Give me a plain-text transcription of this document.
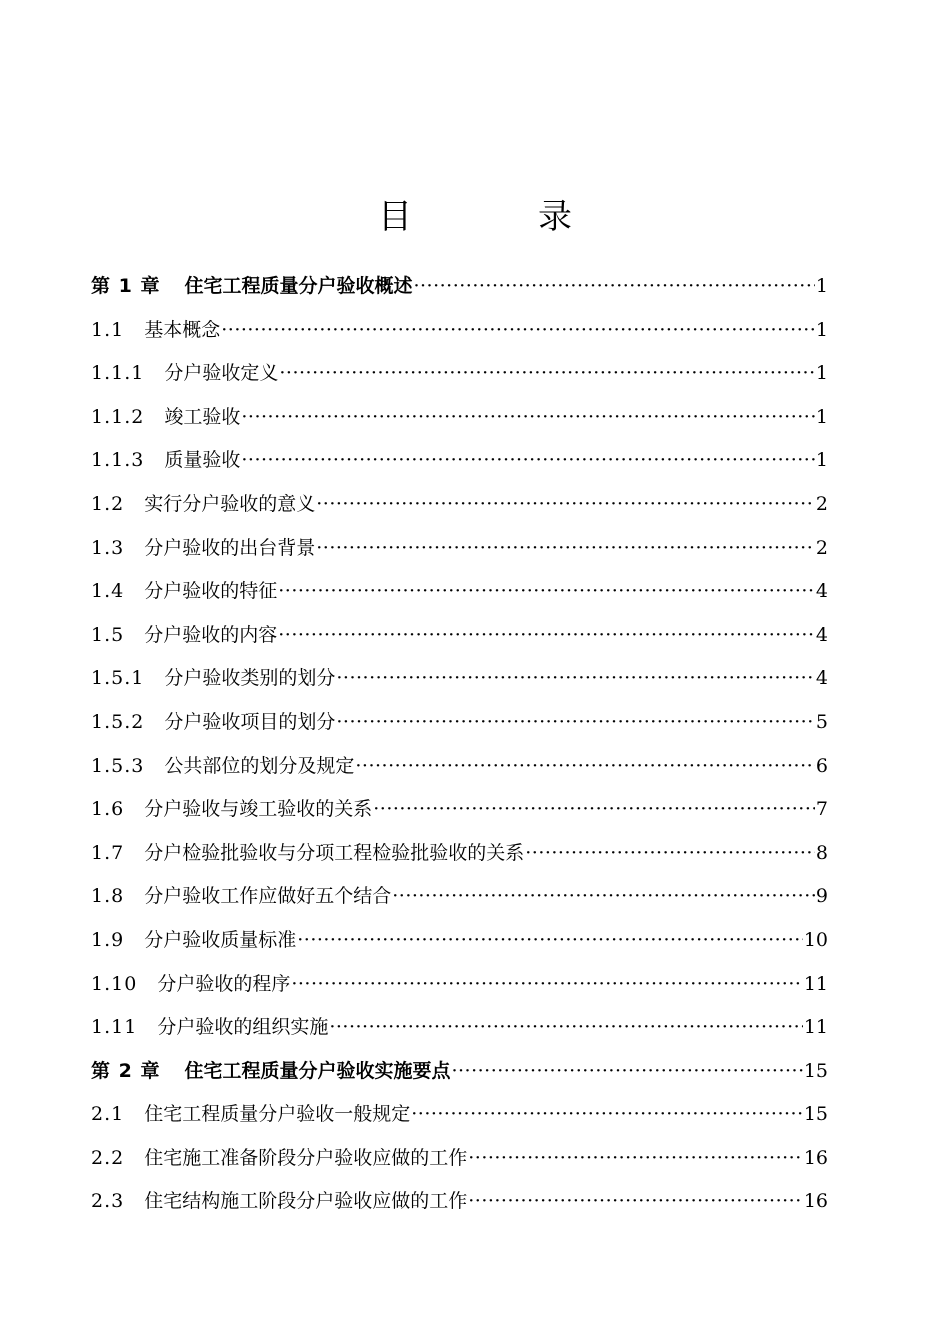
目　录
第 1 章 住宅工程质量分户验收概述 ·····	1
1.1 基本概念 ·····	1
1.1.1 分户验收定义 ·····	1
1.1.2 竣工验收 ·····	1
1.1.3 质量验收 ·····	1
1.2 实行分户验收的意义 ·····	2
1.3 分户验收的出台背景 ·····	2
1.4 分户验收的特征 ·····	4
1.5 分户验收的内容 ·····	4
1.5.1 分户验收类别的划分 ·····	4
1.5.2 分户验收项目的划分 ·····	5
1.5.3 公共部位的划分及规定 ·····	6
1.6 分户验收与竣工验收的关系 ·····	7
1.7 分户检验批验收与分项工程检验批验收的关系 ·····	8
1.8 分户验收工作应做好五个结合 ·····	9
1.9 分户验收质量标准 ·····	10
1.10 分户验收的程序 ·····	11
1.11 分户验收的组织实施 ·····	11
第 2 章 住宅工程质量分户验收实施要点 ·····	15
2.1 住宅工程质量分户验收一般规定 ·····	15
2.2 住宅施工准备阶段分户验收应做的工作 ·····	16
2.3 住宅结构施工阶段分户验收应做的工作 ·····	16
